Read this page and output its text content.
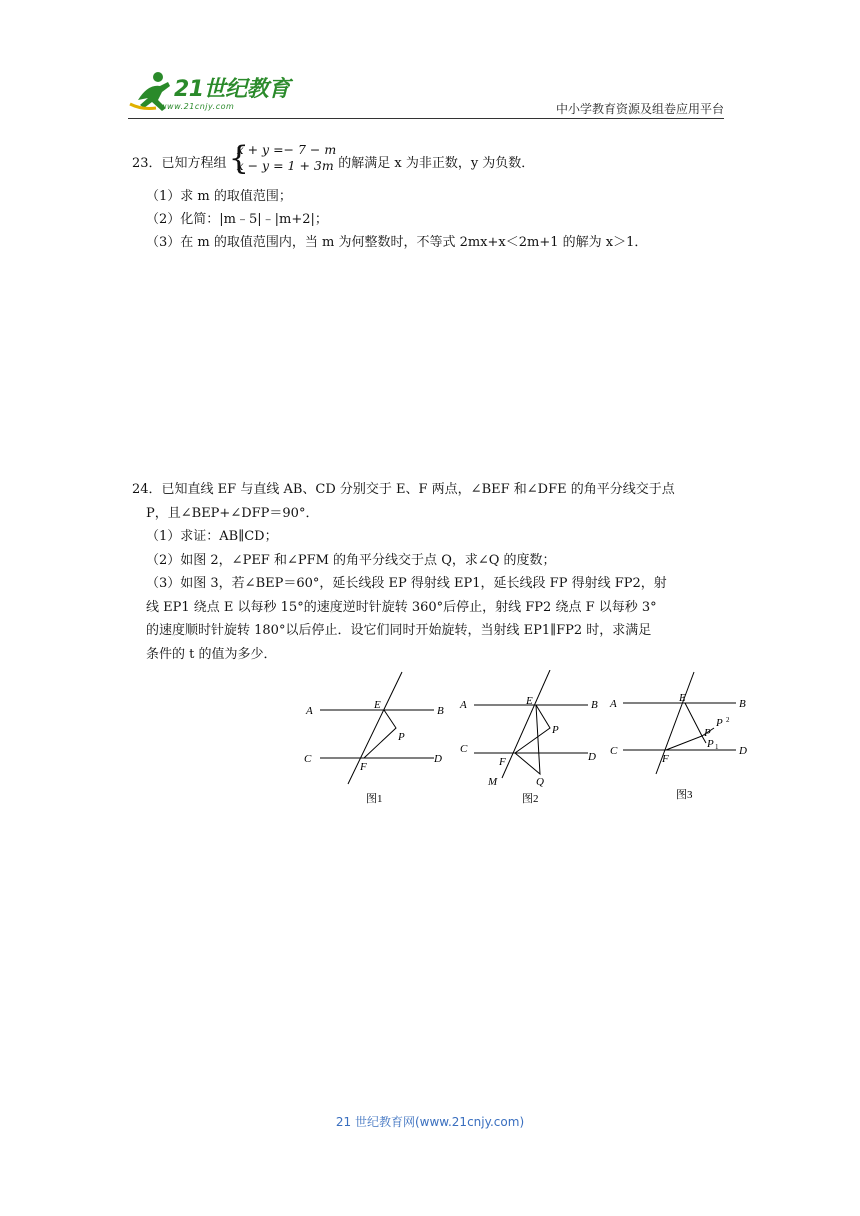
21世纪教育
www.21cnjy.com	中小学教育资源及组卷应用平台

23．已知方程组 {
x + y =− 7 − m
x − y = 1 + 3m 的解满足 x 为非正数，y 为负数．

（1）求 m 的取值范围；

（2）化简：|m﹣5|﹣|m+2|；

（3）在 m 的取值范围内，当 m 为何整数时，不等式 2mx+x＜2m+1 的解为 x＞1．

24．已知直线 EF 与直线 AB、CD 分别交于 E、F 两点，∠BEF 和∠DFE 的角平分线交于点

P，且∠BEP+∠DFP＝90°．

（1）求证：AB∥CD；

（2）如图 2，∠PEF 和∠PFM 的角平分线交于点 Q，求∠Q 的度数；

（3）如图 3，若∠BEP＝60°，延长线段 EP 得射线 EP1，延长线段 FP 得射线 FP2，射

线 EP1 绕点 E 以每秒 15°的速度逆时针旋转 360°后停止，射线 FP2 绕点 F 以每秒 3°

的速度顺时针旋转 180°以后停止．设它们同时开始旋转，当射线 EP1∥FP2 时，求满足

条件的 t 的值为多少．

A	B
C	D
E
F
P
图1
A	B
C
D
E
F
P
M	Q
图2
A	B
C	D
E
F
P
P 2
P 1
图3
21 世纪教育网(www.21cnjy.com)
